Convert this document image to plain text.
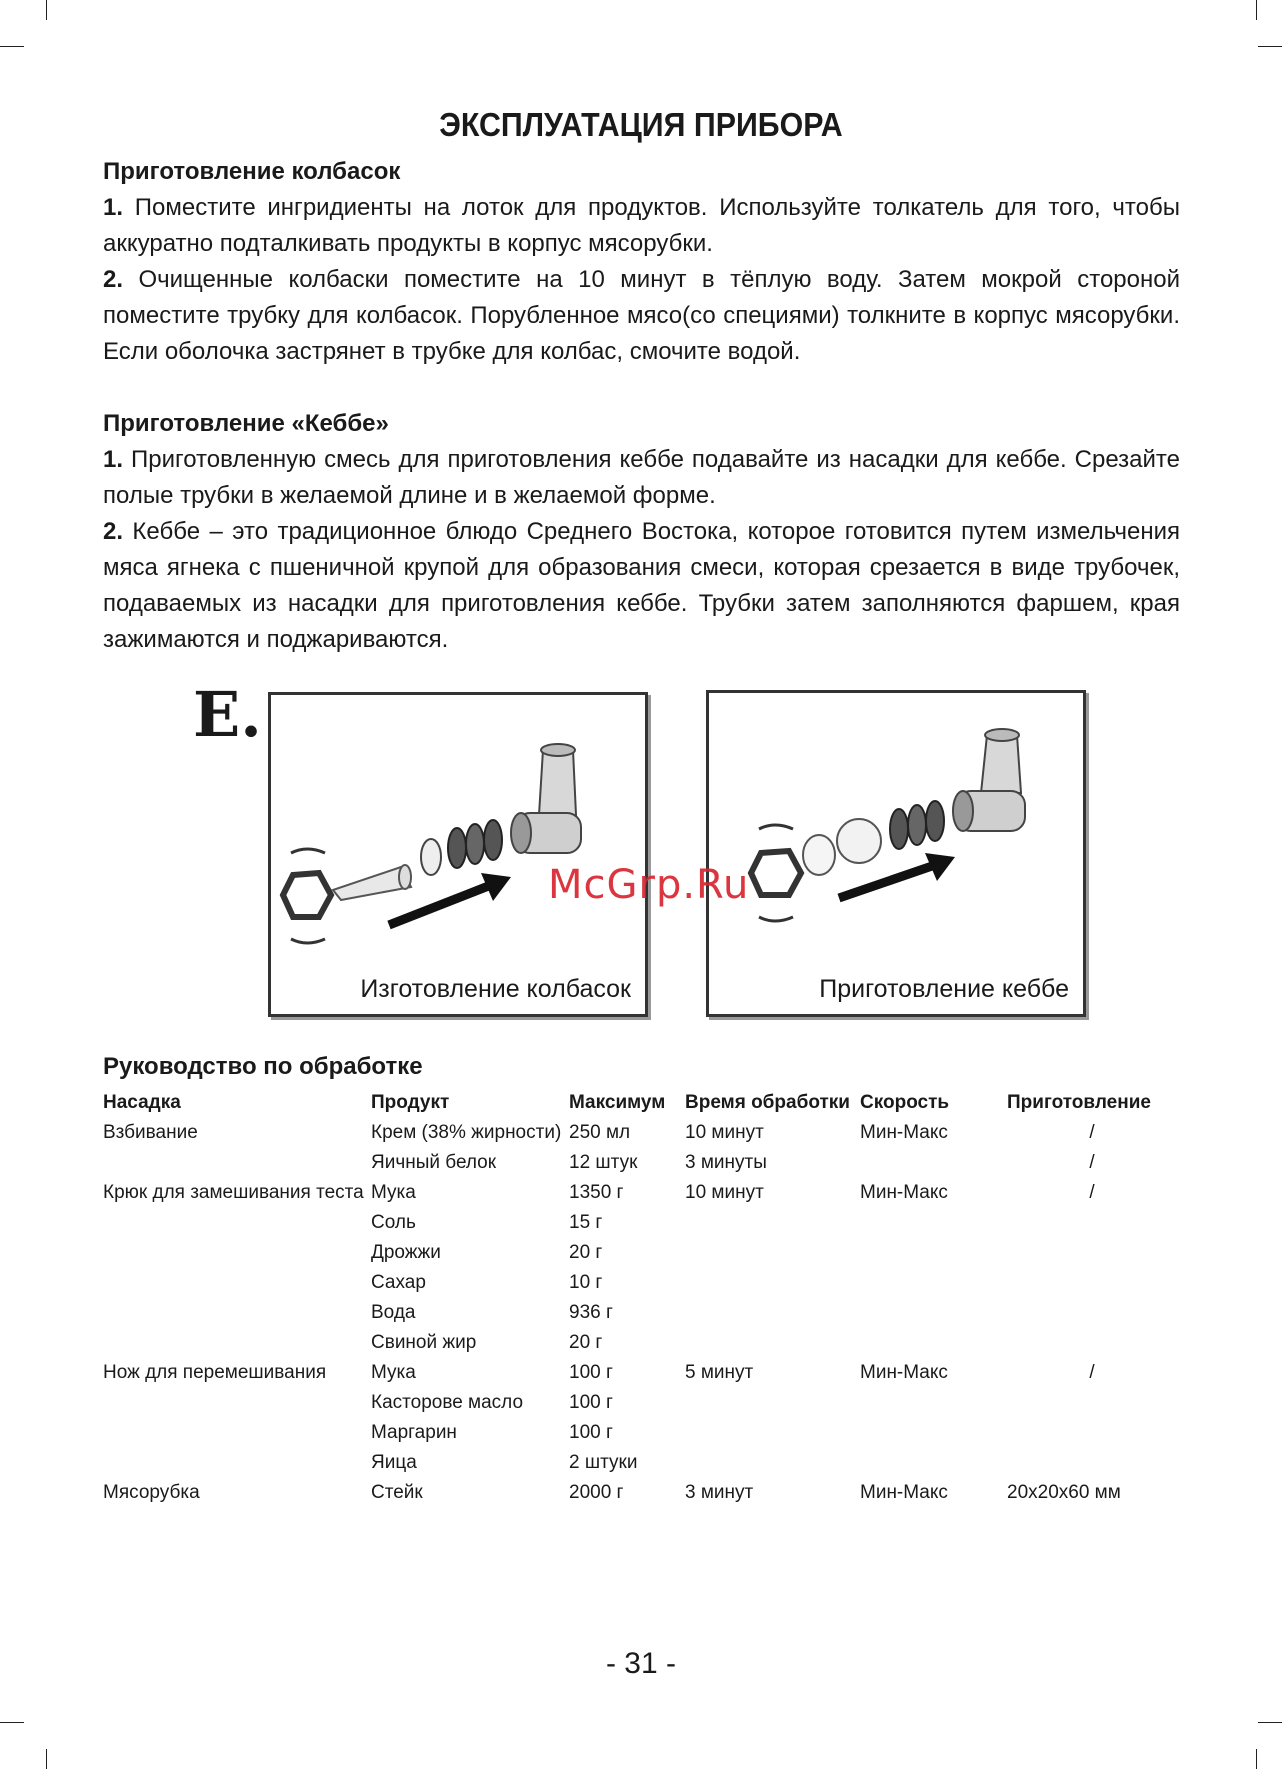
ЭКСПЛУАТАЦИЯ ПРИБОРА
Приготовление колбасок

1. Поместите ингридиенты на лоток для продуктов. Используйте толкатель для того, чтобы аккуратно подталкивать продукты в корпус мясорубки.

2. Очищенные колбаски поместите на 10 минут в тёплую воду. Затем мокрой стороной поместите трубку для колбасок. Порубленное мясо(со специями) толкните в корпус мясорубки. Если оболочка застрянет в трубке для колбас, смочите водой.

Приготовление «Кеббе»

1. Приготовленную смесь для приготовления кеббе подавайте из насадки для кеббе. Срезайте полые трубки в желаемой длине и в желаемой форме.

2. Кеббе – это традиционное блюдо Среднего Востока, которое готовится путем измельчения мяса ягнека с пшеничной крупой для образования смеси, которая срезается в виде трубочек, подаваемых из насадки для приготовления кеббе. Трубки затем заполняются фаршем, края зажимаются и поджариваются.

E.
Изготовление колбасок	Приготовление кеббе
McGrp.Ru
Руководство по обработке
Насадка	Продукт	Максимум	Время обработки	Скорость	Приготовление
Взбивание	Крем (38% жирности)	250 мл	10 минут	Мин-Макс	/
	Яичный белок	12 штук	3 минуты		/
Крюк для замешивания теста	Мука	1350 г	10 минут	Мин-Макс	/
	Соль	15 г			
	Дрожжи	20 г			
	Сахар	10 г			
	Вода	936 г			
	Свиной жир	20 г			
Нож для перемешивания	Мука	100 г	5 минут	Мин-Макс	/
	Касторове масло	100 г			
	Маргарин	100 г			
	Яица	2 штуки			
Мясорубка	Стейк	2000 г	3 минут	Мин-Макс	20x20x60 мм
- 31 -
